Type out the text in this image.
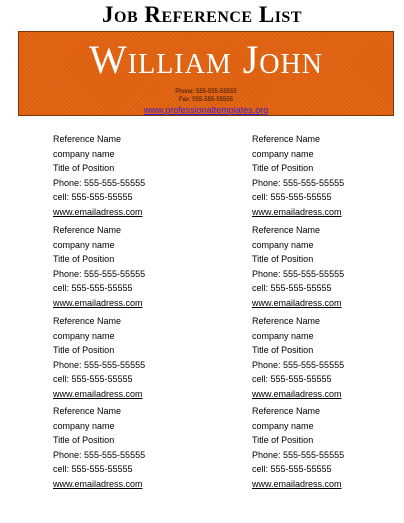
Job Reference List
William John
Phone: 555-555-55555
Fax: 555-555-55555
www.professionaltemplates.org
Reference Name
company name
Title of Position
Phone: 555-555-55555
cell: 555-555-55555
www.emailadress.com
Reference Name
company name
Title of Position
Phone: 555-555-55555
cell: 555-555-55555
www.emailadress.com
Reference Name
company name
Title of Position
Phone: 555-555-55555
cell: 555-555-55555
www.emailadress.com
Reference Name
company name
Title of Position
Phone: 555-555-55555
cell: 555-555-55555
www.emailadress.com
Reference Name
company name
Title of Position
Phone: 555-555-55555
cell: 555-555-55555
www.emailadress.com
Reference Name
company name
Title of Position
Phone: 555-555-55555
cell: 555-555-55555
www.emailadress.com
Reference Name
company name
Title of Position
Phone: 555-555-55555
cell: 555-555-55555
www.emailadress.com
Reference Name
company name
Title of Position
Phone: 555-555-55555
cell: 555-555-55555
www.emailadress.com
